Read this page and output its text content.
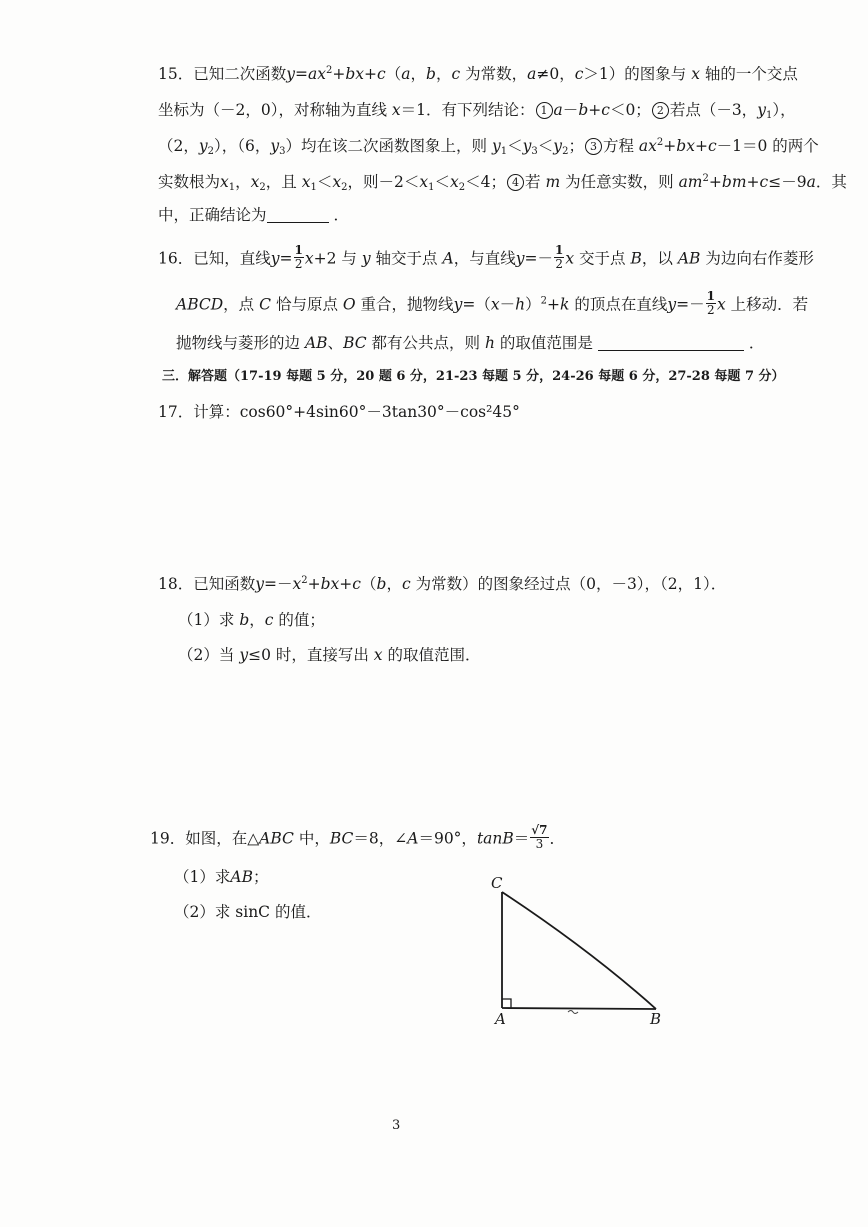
15．已知二次函数$y=ax^2+bx+c(a$，b，c 为常数，a≠0，c＞1）的图象与 x 轴的一个交点
坐标为（－2，0），对称轴为直线 x＝1．有下列结论： 1 a－b+c＜0； 2 若点（－3，$y_1$），
（2，$y_2$），（6，$y_3$）均在该二次函数图象上，则 $y_1<y_3<y_2$； 3 方程 $ax^2+bx+c-1=0$ 的两个
实数根为$x_1$，$x_2$，且 $x_1<x_2$，则$-2<x_1<x_2<4$； 4 若 m 为任意实数，则 $am^2+bm+c\le-9a$．其
中，正确结论为	．
16．已知，直线$y= \frac{1}{2} x+2$ 与 y 轴交于点 A，与直线$y=- \frac{1}{2}$ x 交于点 B，以 AB 为边向右作菱形
ABCD，点 C 恰与原点 O 重合，抛物线$y=(x-h)^2+k$ 的顶点在直线$y=- \frac{1}{2}$ x 上移动．若
抛物线与菱形的边 AB、BC 都有公共点，则 h 的取值范围是	．
三．解答题（17-19 每题 5 分，20 题 6 分，21-23 每题 5 分，24-26 每题 6 分，27-28 每题 7 分）
17．计算：cos60°+4sin60°－3tan30°－cos²45°
18．已知函数$y=-x^2+bx+c(b$，c 为常数）的图象经过点（0，－3），（2，1）．
（1）求 b，c 的值；
（2）当 y≤0 时，直接写出 x 的取值范围．
19．如图，在△ABC 中，BC＝8，∠A＝90°，$\tan B= \frac{√7}{3}$ ．
（1）求AB；
（2）求 sinC 的值．
C
A	B
3
